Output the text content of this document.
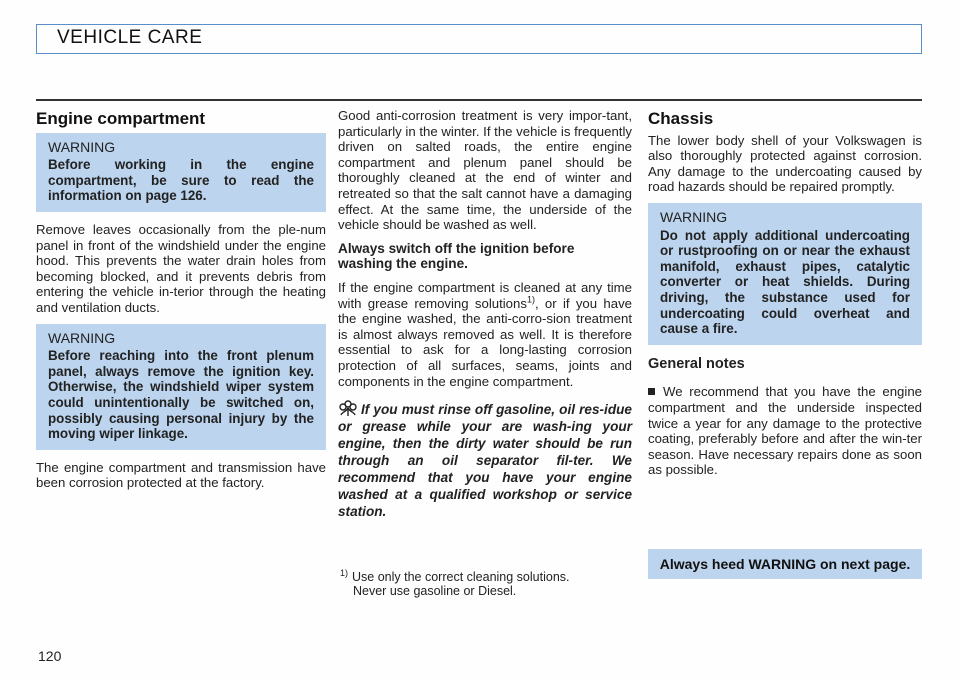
VEHICLE CARE
Engine compartment
WARNING
Before working in the engine compartment, be sure to read the information on page 126.

Remove leaves occasionally from the ple-num panel in front of the windshield under the engine hood. This prevents the water drain holes from becoming blocked, and it prevents debris from entering the vehicle in-terior through the heating and ventilation ducts.

WARNING
Before reaching into the front plenum panel, always remove the ignition key. Otherwise, the windshield wiper system could unintentionally be switched on, possibly causing personal injury by the moving wiper linkage.

The engine compartment and transmission have been corrosion protected at the factory.

Good anti-corrosion treatment is very impor-tant, particularly in the winter. If the vehicle is frequently driven on salted roads, the entire engine compartment and plenum panel should be thoroughly cleaned at the end of winter and retreated so that the salt cannot have a damaging effect. At the same time, the underside of the vehicle should be washed as well.

Always switch off the ignition before washing the engine.

If the engine compartment is cleaned at any time with grease removing solutions$^{1)}$, or if you have the engine washed, the anti-corro-sion treatment is almost always removed as well. It is therefore essential to ask for a long-lasting corrosion protection of all surfaces, seams, joints and components in the engine compartment.

If you must rinse off gasoline, oil res-idue or grease while your are wash-ing your engine, then the dirty water should be run through an oil separator fil-ter. We recommend that you have your engine washed at a qualified workshop or service station.
$^{1)}$ Use only the correct cleaning solutions.
Never use gasoline or Diesel.
Chassis

The lower body shell of your Volkswagen is also thoroughly protected against corrosion. Any damage to the undercoating caused by road hazards should be repaired promptly.

WARNING
Do not apply additional undercoating or rustproofing on or near the exhaust manifold, exhaust pipes, catalytic converter or heat shields. During driving, the substance used for undercoating could overheat and cause a fire.
General notes

We recommend that you have the engine compartment and the underside inspected twice a year for any damage to the protective coating, preferably before and after the win-ter season. Have necessary repairs done as soon as possible.

Always heed WARNING on next page.
120
